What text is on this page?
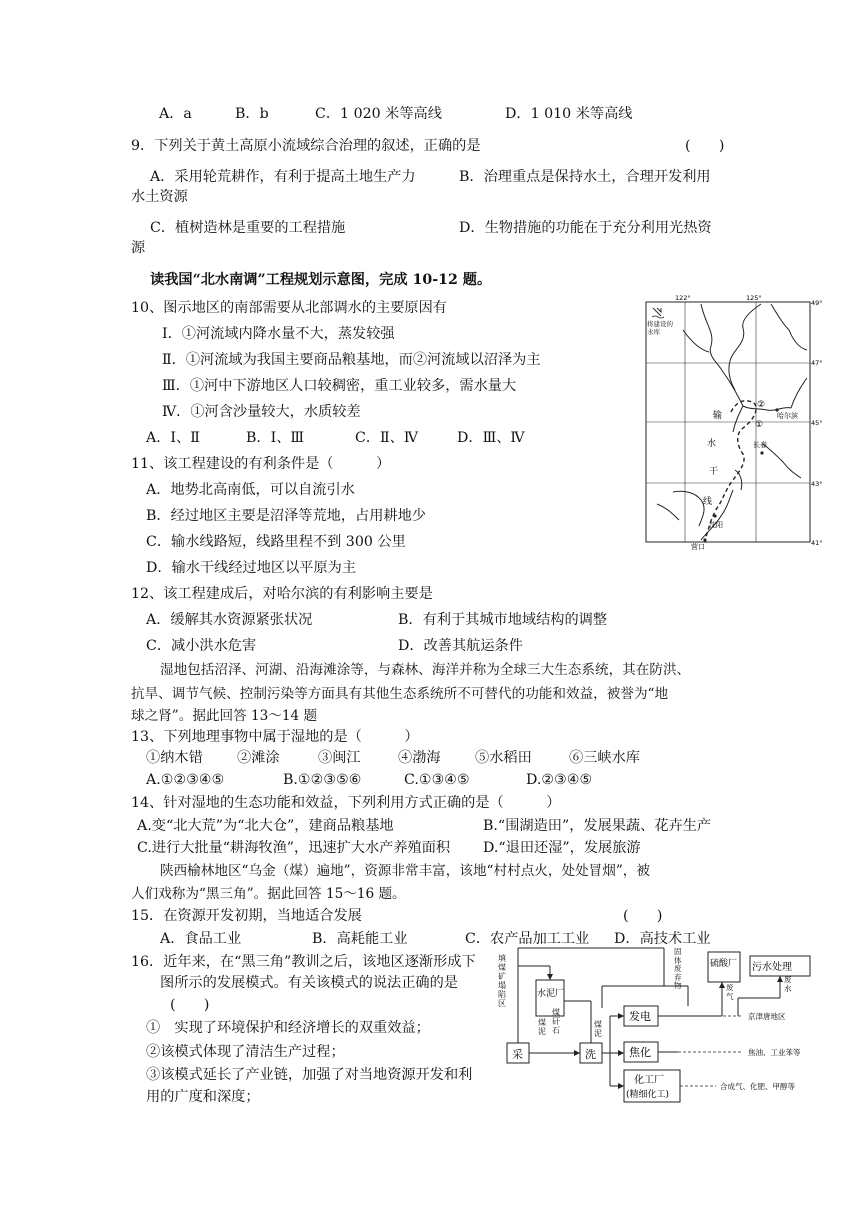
A．a	B．b	C．1 020 米等高线	D．1 010 米等高线
9．下列关于黄土高原小流域综合治理的叙述，正确的是	(　　)
A．采用轮荒耕作，有利于提高土地生产力	B．治理重点是保持水土，合理开发利用
水土资源
C．植树造林是重要的工程措施	D．生物措施的功能在于充分利用光热资
源
读我国“北水南调”工程规划示意图，完成 10-12 题。
10、图示地区的南部需要从北部调水的主要原因有
Ⅰ．①河流域内降水量不大，蒸发较强
Ⅱ．①河流域为我国主要商品粮基地，而②河流域以沼泽为主
Ⅲ．①河中下游地区人口较稠密，重工业较多，需水量大
Ⅳ．①河含沙量较大，水质较差
A．Ⅰ、Ⅱ	B．Ⅰ、Ⅲ	C．Ⅱ、Ⅳ	D．Ⅲ、Ⅳ
11、该工程建设的有利条件是（　　　）
A．地势北高南低，可以自流引水
B．经过地区主要是沼泽等荒地，占用耕地少
C．输水线路短，线路里程不到 300 公里
D．输水干线经过地区以平原为主
12、该工程建成后，对哈尔滨的有利影响主要是
A．缓解其水资源紧张状况	B．有利于其城市地域结构的调整
C．减小洪水危害	D．改善其航运条件
湿地包括沼泽、河湖、沿海滩涂等，与森林、海洋并称为全球三大生态系统，其在防洪、
抗旱、调节气候、控制污染等方面具有其他生态系统所不可替代的功能和效益，被誉为“地
球之肾”。据此回答 13～14 题
13、下列地理事物中属于湿地的是（　　　）
①纳木错 ②滩涂	③闽江	④渤海 ⑤水稻田	⑥三峡水库
A.①②③④⑤	B.①②③⑤⑥	C.①③④⑤	D.②③④⑤
14、针对湿地的生态功能和效益，下列利用方式正确的是（　　　）
A.变“北大荒”为“北大仓”，建商品粮基地	B.“围湖造田”，发展果蔬、花卉生产
C.进行大批量“耕海牧渔”，迅速扩大水产养殖面积 D.“退田还湿”，发展旅游
陕西榆林地区“乌金（煤）遍地”，资源非常丰富，该地“村村点火，处处冒烟”，被
人们戏称为“黑三角”。据此回答 15～16 题。
15．在资源开发初期，当地适合发展	(　　)
A．食品工业	B．高耗能工业	C．农产品加工工业 D．高技术工业
16．近年来，在“黑三角”教训之后，该地区逐渐形成下
图所示的发展模式。有关该模式的说法正确的是
(　　)
①　实现了环境保护和经济增长的双重效益；
②该模式体现了清洁生产过程；
③该模式延长了产业链，加强了对当地资源开发和利
用的广度和深度；
122°	125°
49°
47°
45°
43°
41°
将建设的水库
①
②
哈尔滨
长春
沈阳
营口
输
水
干
线
采	洗
水泥厂
发电
焦化
化工厂
(精细化工)
硫酸厂 污水处理
填煤矿塌陷区
煤泥
煤矸石
煤泥
固体废弃物	废气
废水
京津唐地区
焦油、工业苯等
合成气、化肥、甲醇等
